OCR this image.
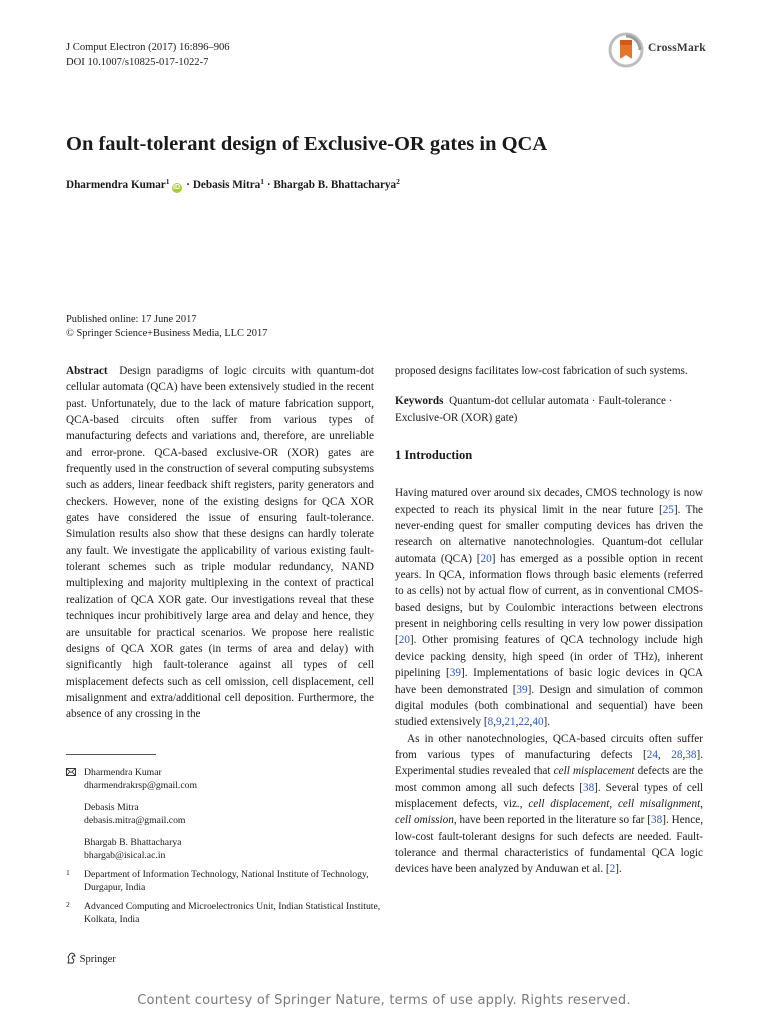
J Comput Electron (2017) 16:896–906
DOI 10.1007/s10825-017-1022-7
CrossMark
On fault-tolerant design of Exclusive-OR gates in QCA
Dharmendra Kumar$^1$iD · Debasis Mitra$^1$ · Bhargab B. Bhattacharya$^2$
Published online: 17 June 2017
© Springer Science+Business Media, LLC 2017

Abstract Design paradigms of logic circuits with quantum-dot cellular automata (QCA) have been extensively studied in the recent past. Unfortunately, due to the lack of mature fabrication support, QCA-based circuits often suffer from various types of manufacturing defects and variations and, therefore, are unreliable and error-prone. QCA-based exclusive-OR (XOR) gates are frequently used in the construction of several computing subsystems such as adders, linear feedback shift registers, parity generators and checkers. However, none of the existing designs for QCA XOR gates have considered the issue of ensuring fault-tolerance. Simulation results also show that these designs can hardly tolerate any fault. We investigate the applicability of various existing fault-tolerant schemes such as triple modular redundancy, NAND multiplexing and majority multiplexing in the context of practical realization of QCA XOR gate. Our investigations reveal that these techniques incur prohibitively large area and delay and hence, they are unsuitable for practical scenarios. We propose here realistic designs of QCA XOR gates (in terms of area and delay) with significantly high fault-tolerance against all types of cell misplacement defects such as cell omission, cell displacement, cell misalignment and extra/additional cell deposition. Furthermore, the absence of any crossing in the

proposed designs facilitates low-cost fabrication of such systems.

Keywords Quantum-dot cellular automata · Fault-tolerance · Exclusive-OR (XOR) gate)

1 Introduction

Having matured over around six decades, CMOS technology is now expected to reach its physical limit in the near future [25]. The never-ending quest for smaller computing devices has driven the research on alternative nanotechnologies. Quantum-dot cellular automata (QCA) [20] has emerged as a possible option in recent years. In QCA, information flows through basic elements (referred to as cells) not by actual flow of current, as in conventional CMOS-based designs, but by Coulombic interactions between electrons present in neighboring cells resulting in very low power dissipation [20]. Other promising features of QCA technology include high device packing density, high speed (in order of THz), inherent pipelining [39]. Implementations of basic logic devices in QCA have been demonstrated [39]. Design and simulation of common digital modules (both combinational and sequential) have been studied extensively [8,9,21,22,40].

As in other nanotechnologies, QCA-based circuits often suffer from various types of manufacturing defects [24, 28,38]. Experimental studies revealed that cell misplacement defects are the most common among all such defects [38]. Several types of cell misplacement defects, viz., cell displacement, cell misalignment, cell omission, have been reported in the literature so far [38]. Hence, low-cost fault-tolerant designs for such defects are needed. Fault-tolerance and thermal characteristics of fundamental QCA logic devices have been analyzed by Anduwan et al. [2].

Dharmendra Kumar
dharmendrakrsp@gmail.com
Debasis Mitra
debasis.mitra@gmail.com
Bhargab B. Bhattacharya
bhargab@isical.ac.in
1 Department of Information Technology, National Institute of Technology, Durgapur, India
2 Advanced Computing and Microelectronics Unit, Indian Statistical Institute, Kolkata, India
Springer
Content courtesy of Springer Nature, terms of use apply. Rights reserved.
